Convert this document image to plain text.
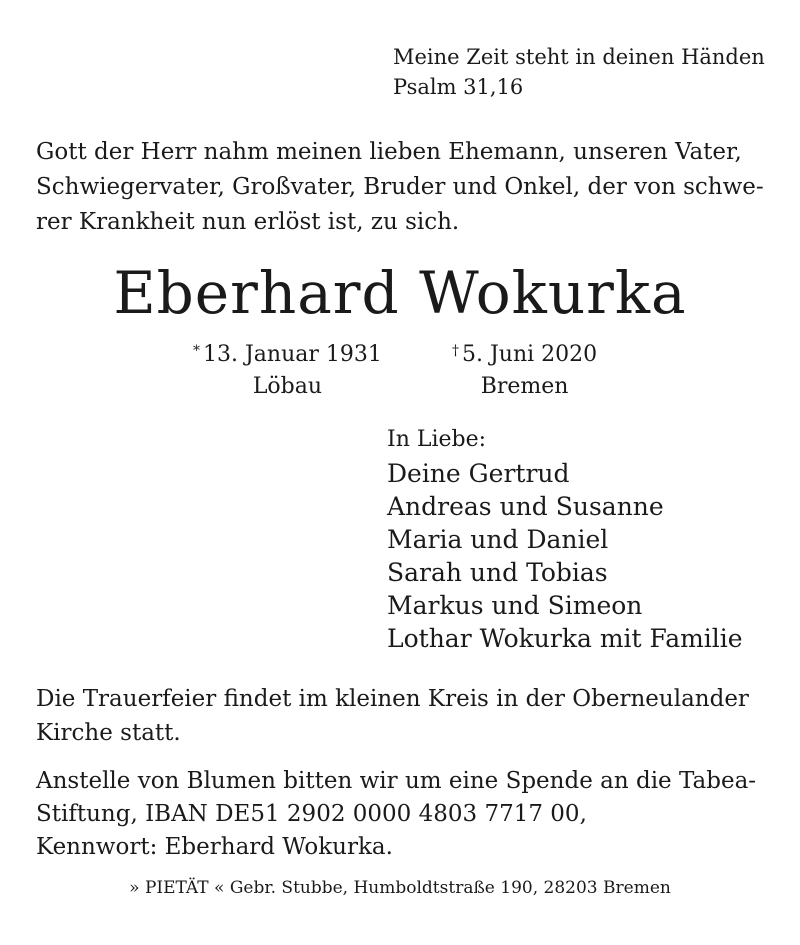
Meine Zeit steht in deinen Händen
Psalm 31,16
Gott der Herr nahm meinen lieben Ehemann, unseren Vater,
Schwiegervater, Großvater, Bruder und Onkel, der von schwe-
rer Krankheit nun erlöst ist, zu sich.
Eberhard Wokurka
* 13. Januar 1931
Löbau
† 5. Juni 2020
Bremen
In Liebe:
Deine Gertrud
Andreas und Susanne
Maria und Daniel
Sarah und Tobias
Markus und Simeon
Lothar Wokurka mit Familie
Die Trauerfeier findet im kleinen Kreis in der Oberneulander
Kirche statt.
Anstelle von Blumen bitten wir um eine Spende an die Tabea-
Stiftung, IBAN DE51 2902 0000 4803 7717 00,
Kennwort: Eberhard Wokurka.
» PIETÄT « Gebr. Stubbe, Humboldtstraße 190, 28203 Bremen
